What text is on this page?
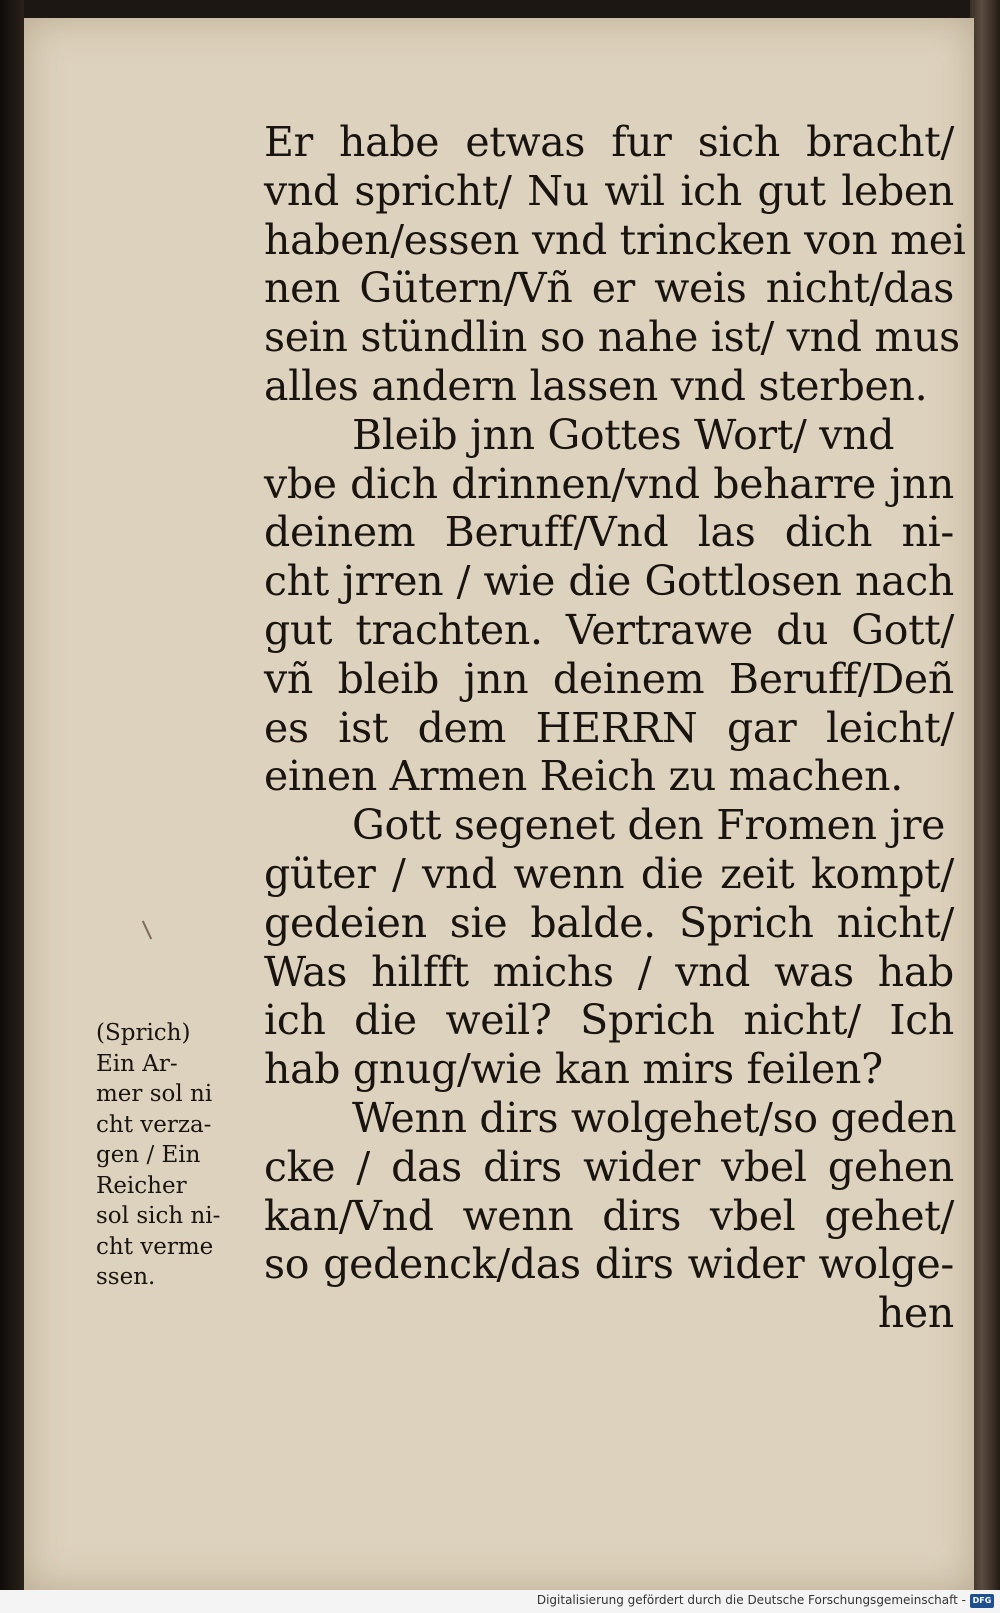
Er habe etwas fur sich bracht/
vnd spricht/ Nu wil ich gut leben
haben/essen vnd trincken von mei
nen Gütern/Vñ er weis nicht/das
sein stündlin so nahe ist/ vnd mus
alles andern lassen vnd sterben.
Bleib jnn Gottes Wort/ vnd
vbe dich drinnen/vnd beharre jnn
deinem Beruff/Vnd las dich ni-
cht jrren / wie die Gottlosen nach
gut trachten. Vertrawe du Gott/
vñ bleib jnn deinem Beruff/Deñ
es ist dem HERRN gar leicht/
einen Armen Reich zu machen.
Gott segenet den Fromen jre
güter / vnd wenn die zeit kompt/
gedeien sie balde. Sprich nicht/
Was hilfft michs / vnd was hab
ich die weil? Sprich nicht/ Ich
hab gnug/wie kan mirs feilen?
Wenn dirs wolgehet/so geden
cke / das dirs wider vbel gehen
kan/Vnd wenn dirs vbel gehet/
so gedenck/das dirs wider wolge-
hen
(Sprich)
Ein Ar-
mer sol ni
cht verza-
gen / Ein
Reicher
sol sich ni-
cht verme
ssen.
Digitalisierung gefördert durch die Deutsche Forschungsgemeinschaft - DFG
